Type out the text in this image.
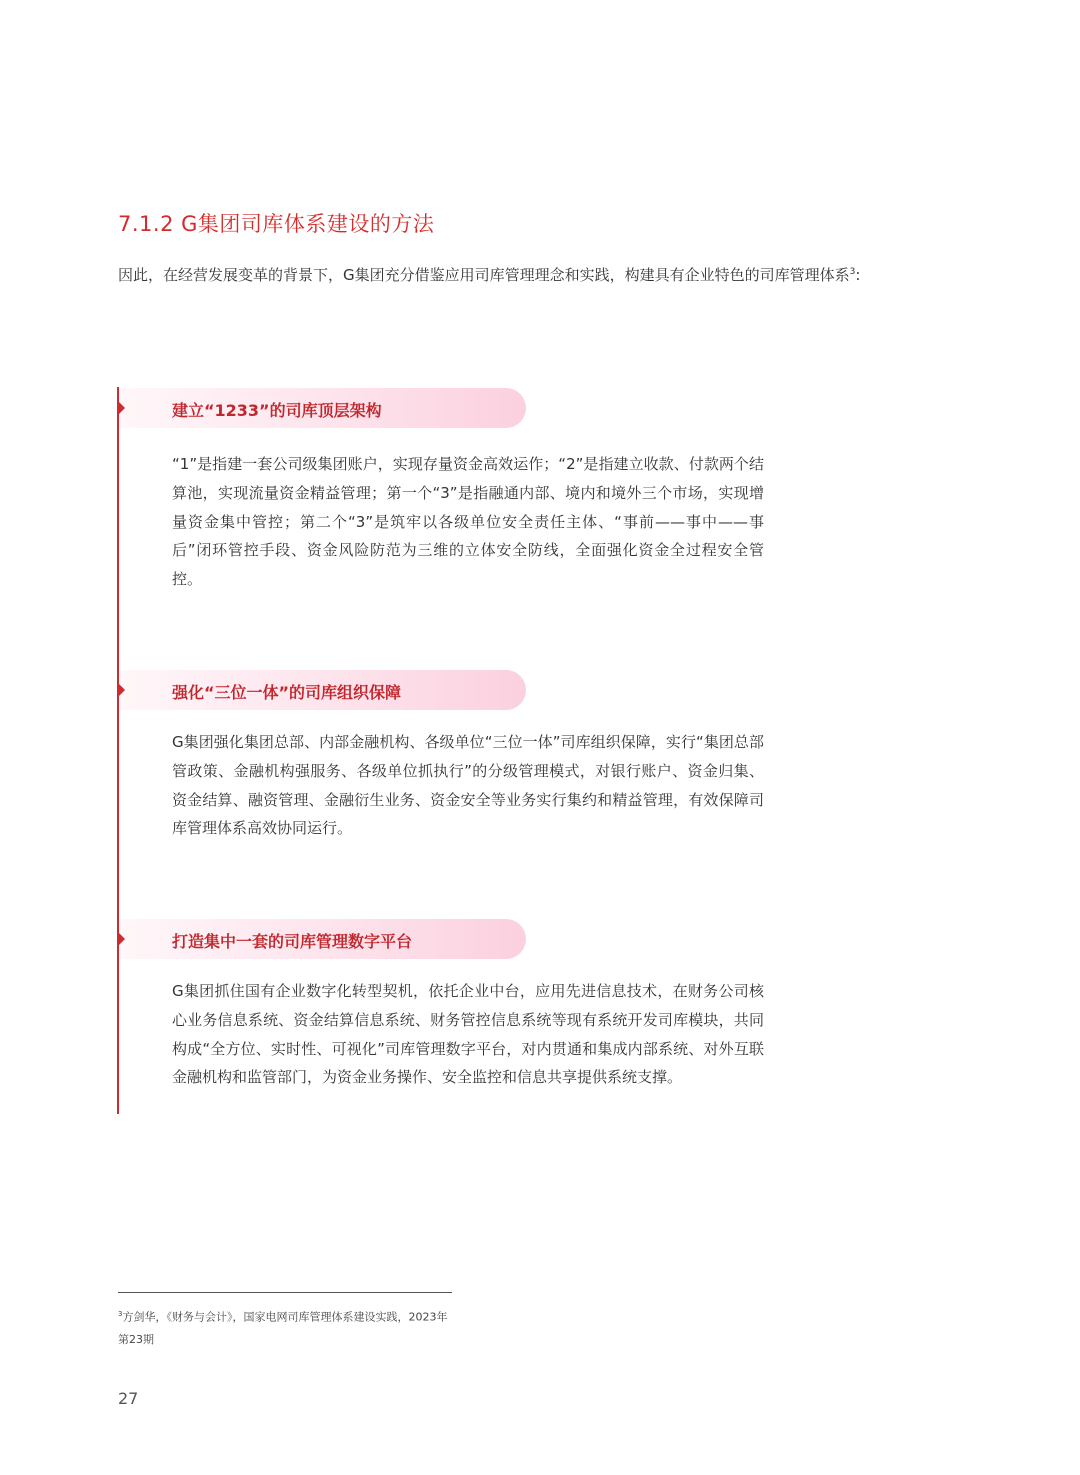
7.1.2 G集团司库体系建设的方法
因此，在经营发展变革的背景下，G集团充分借鉴应用司库管理理念和实践，构建具有企业特色的司库管理体系$^3$:
建立“1233”的司库顶层架构
“1”是指建一套公司级集团账户，实现存量资金高效运作；“2”是指建立收款、付款两个结算池，实现流量资金精益管理；第一个“3”是指融通内部、境内和境外三个市场，实现增量资金集中管控；第二个“3”是筑牢以各级单位安全责任主体、“事前——事中——事后”闭环管控手段、资金风险防范为三维的立体安全防线，全面强化资金全过程安全管控。
强化“三位一体”的司库组织保障
G集团强化集团总部、内部金融机构、各级单位“三位一体”司库组织保障，实行“集团总部管政策、金融机构强服务、各级单位抓执行”的分级管理模式，对银行账户、资金归集、资金结算、融资管理、金融衍生业务、资金安全等业务实行集约和精益管理，有效保障司库管理体系高效协同运行。
打造集中一套的司库管理数字平台
G集团抓住国有企业数字化转型契机，依托企业中台，应用先进信息技术，在财务公司核心业务信息系统、资金结算信息系统、财务管控信息系统等现有系统开发司库模块，共同构成“全方位、实时性、可视化”司库管理数字平台，对内贯通和集成内部系统、对外互联金融机构和监管部门，为资金业务操作、安全监控和信息共享提供系统支撑。
$^3$方剑华，《财务与会计》，国家电网司库管理体系建设实践，2023年第23期
27
